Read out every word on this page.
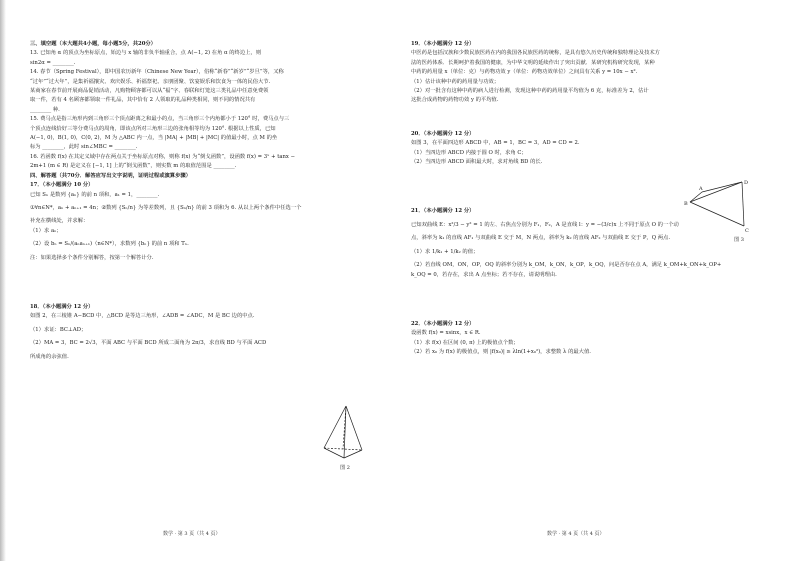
三、填空题（本大题共4小题，每小题5分，共20分）
13. 已知角 α 的顶点为坐标原点，始边与 x 轴的非负半轴重合，点 A(−1, 2) 在角 α 的终边上，则
sin2α = ________.
14. 春节（Spring Festival），即中国农历新年（Chinese New Year），俗称“新春”“新岁”“岁旦”等，又称
“过年”“过大年”，是集祈福攘灾、欢庆娱乐、祈福祭祀、亲朋团聚、饮宴娱乐和饮食为一体的民俗大节.
某商家在春节前开展商品促销活动，凡购物顾客都可以从“福”字、春联和灯笼这三类礼品中任意免费领
取一件，若有 4 名顾客都领取一件礼品，其中恰有 2 人领取的礼品种类相同，则不同的情况共有
________ 种.
15. 费马点是指三角形内到三角形三个顶点距离之和最小的点，当三角形三个内角都小于 120° 时，费马点与三
个顶点连线恰好三等分费马点的周角，即该点所对三角形三边的张角相等均为 120°. 根据以上性质，已知
A(−1, 0)，B(1, 0)，C(0, 2)，M 为 △ABC 内一点，当 |MA| + |MB| + |MC| 的值最小时，点 M 的坐
标为 ________，此时 sin∠MBC = ________.
16. 若函数 f(x) 在其定义域中存在两点关于坐标原点对称，则称 f(x) 为“倒戈函数”，设函数 f(x) = 3ˣ + tanx −
2m+1 (m ∈ R) 是定义在 [−1, 1] 上的“倒戈函数”，则实数 m 的取值范围是 ________.
四、解答题（共70分．解答应写出文字说明，证明过程或演算步骤）
17．（本小题满分 10 分）
已知 Sₙ 是数列 {aₙ} 的前 n 项和，a₁ = 1，________.
①∀n∈N*，aₙ + aₙ₊₁ = 4n；②数列 {Sₙ/n} 为等差数列，且 {Sₙ/n} 的前 3 项和为 6. 从以上两个条件中任选一个
补充在横线处，并求解：
（1）求 aₙ；
（2）设 bₙ = Sₙ/(aₙaₙ₊₁)（n∈N*），求数列 {bₙ} 的前 n 项和 Tₙ.
注：如果选择多个条件分别解答，按第一个解答计分.
18．（本小题满分 12 分）
如图 2，在三棱锥 A−BCD 中，△BCD 是等边三角形，∠ADB = ∠ADC，M 是 BC 边的中点.
（1）求证：BC⊥AD；
（2）MA = 3，BC = 2√3，平面 ABC 与平面 BCD 所成二面角为 2π/3，求直线 BD 与平面 ACD
所成角的余弦值.
图 2
数学 · 第 3 页（共 4 页）
19．（本小题满分 12 分）
中医药是包括汉族和少数民族医药在内的我国各民族医药的统称，是具有悠久历史传统和独特理论及技术方
法的医药体系．长期呵护着我国的健康，为中华文明的延续作出了突出贡献．某研究机构研究发现，某种
中药的药用量 x（单位：克）与药物功效 y（单位：药物功效单位）之间具有关系 y = 10x − x².
（1）估计该种中药的药用量与功效；
（2）对一批含有这种中药的病人进行检测，发现这种中药的药用量平均值为 6 克，标准差为 2，估计
这批合成药物的药物功效 y 的平均值.
20．（本小题满分 12 分）
如图 3，在平面四边形 ABCD 中，AB = 1，BC = 3，AD = CD = 2.
（1）当四边形 ABCD 内接于圆 O 时，求角 C；
（2）当四边形 ABCD 面积最大时，求对角线 BD 的长.
21．（本小题满分 12 分）
已知双曲线 E：x²/3 − y² = 1 的左、右焦点分别为 F₁，F₂，A 是直线 l：y = −(3/c)x 上不同于原点 O 的一个动
点，斜率为 k₁ 的直线 AF₁ 与双曲线 E 交于 M，N 两点，斜率为 k₂ 的直线 AF₂ 与双曲线 E 交于 P，Q 两点.
（1）求 1/k₁ + 1/k₂ 的值；
（2）若直线 OM，ON，OP，OQ 的斜率分别为 k_OM，k_ON，k_OP，k_OQ，问是否存在点 A，满足 k_OM+k_ON+k_OP+
k_OQ = 0，若存在，求出 A 点坐标；若不存在，请说明理由.
22．（本小题满分 12 分）
设函数 f(x) = xsinx，x ∈ R.
（1）求 f(x) 在区间 (0, π) 上的极值点个数；
（2）若 x₀ 为 f(x) 的极值点，则 |f(x₀)| ≥ λln(1+x₀²)，求整数 λ 的最大值.
A
D
B
C
图 3
数学 · 第 4 页（共 4 页）
